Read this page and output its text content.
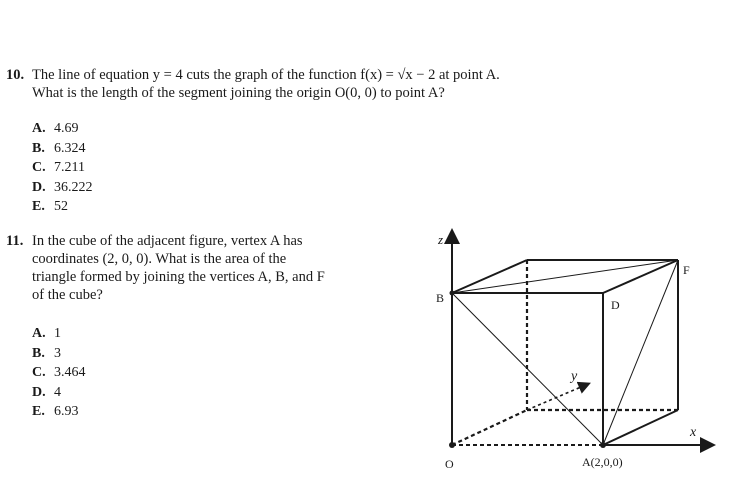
10. The line of equation y = 4 cuts the graph of the function f(x) = √x − 2 at point A.
What is the length of the segment joining the origin O(0, 0) to point A?
A. 4.69
B. 6.324
C. 7.211
D. 36.222
E. 52
11. In the cube of the adjacent figure, vertex A has
coordinates (2, 0, 0). What is the area of the
triangle formed by joining the vertices A, B, and F
of the cube?
A. 1
B. 3
C. 3.464
D. 4
E. 6.93
z
y
x
B	D
F
O	A(2,0,0)
